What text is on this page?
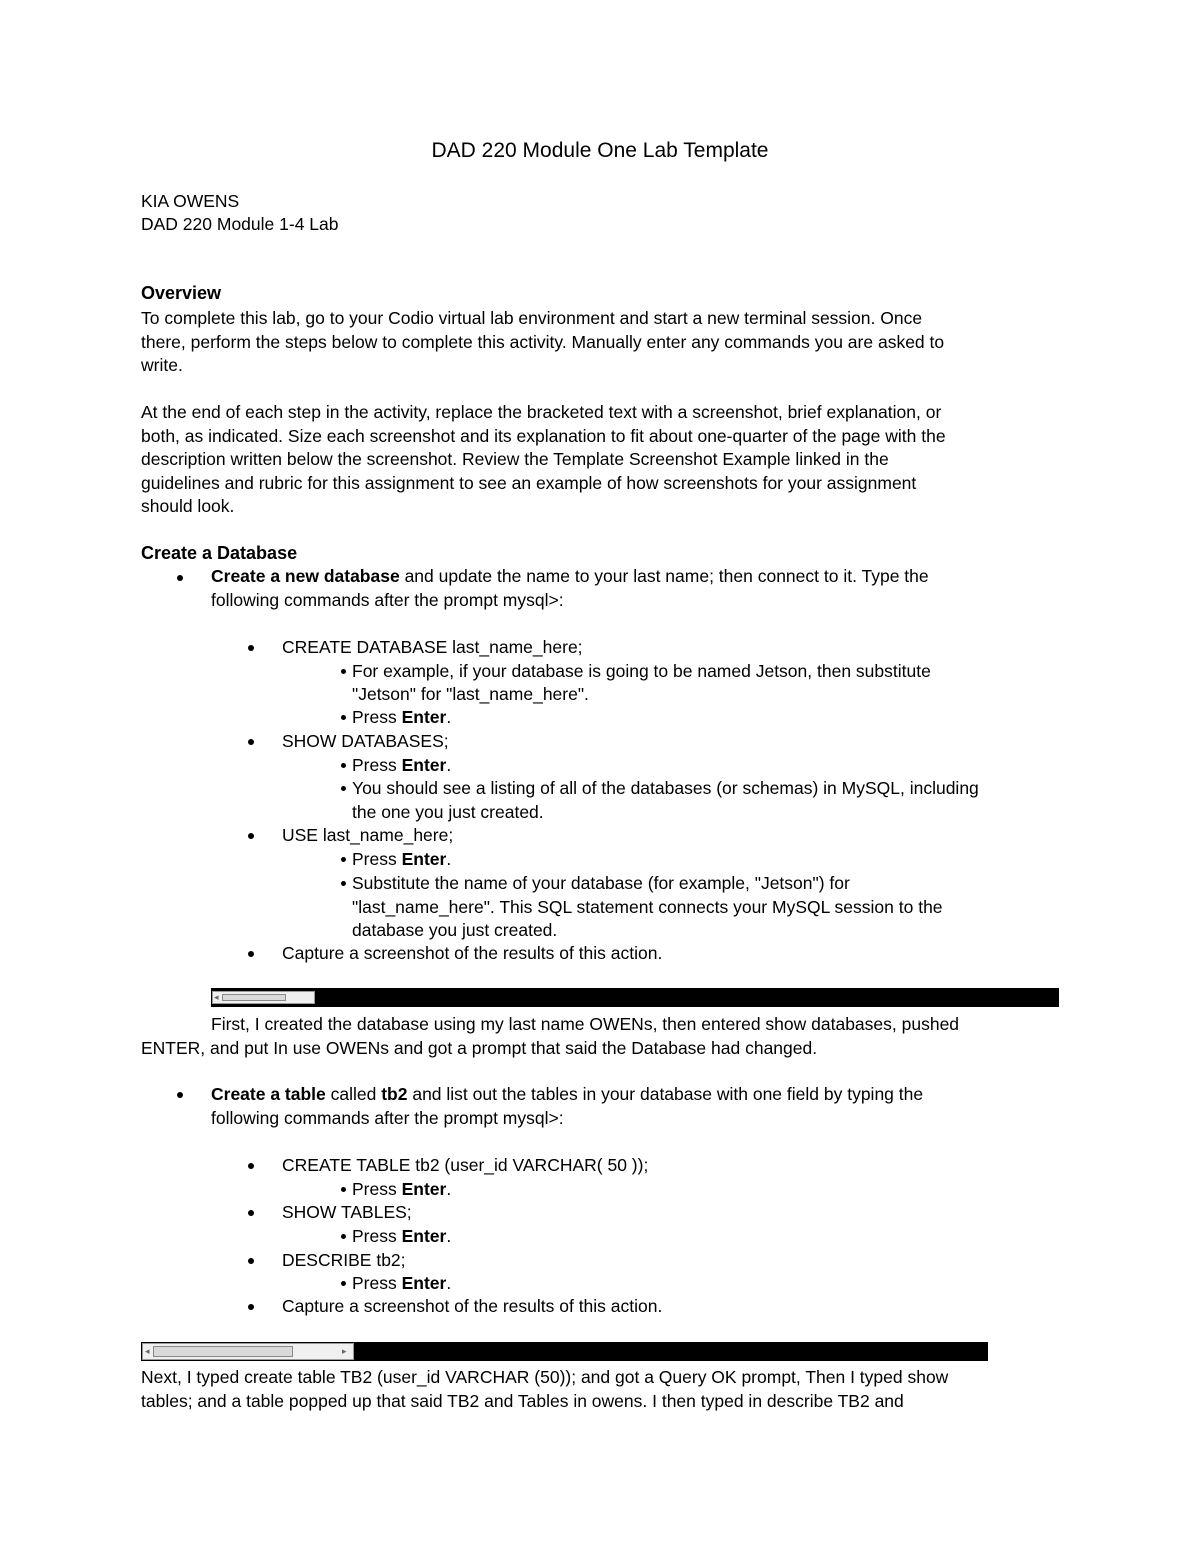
DAD 220 Module One Lab Template
KIA OWENS
DAD 220 Module 1-4 Lab
Overview
To complete this lab, go to your Codio virtual lab environment and start a new terminal session. Once
there, perform the steps below to complete this activity. Manually enter any commands you are asked to
write.
At the end of each step in the activity, replace the bracketed text with a screenshot, brief explanation, or
both, as indicated. Size each screenshot and its explanation to fit about one-quarter of the page with the
description written below the screenshot. Review the Template Screenshot Example linked in the
guidelines and rubric for this assignment to see an example of how screenshots for your assignment
should look.
Create a Database
Create a new database and update the name to your last name; then connect to it. Type the
following commands after the prompt mysql>:
CREATE DATABASE last_name_here;
For example, if your database is going to be named Jetson, then substitute
"Jetson" for "last_name_here".
Press Enter.
SHOW DATABASES;
Press Enter.
You should see a listing of all of the databases (or schemas) in MySQL, including
the one you just created.
USE last_name_here;
Press Enter.
Substitute the name of your database (for example, "Jetson") for
"last_name_here". This SQL statement connects your MySQL session to the
database you just created.
Capture a screenshot of the results of this action.
◂
First, I created the database using my last name OWENs, then entered show databases, pushed
ENTER, and put In use OWENs and got a prompt that said the Database had changed.
Create a table called tb2 and list out the tables in your database with one field by typing the
following commands after the prompt mysql>:
CREATE TABLE tb2 (user_id VARCHAR( 50 ));
Press Enter.
SHOW TABLES;
Press Enter.
DESCRIBE tb2;
Press Enter.
Capture a screenshot of the results of this action.
◂	▸
Next, I typed create table TB2 (user_id VARCHAR (50)); and got a Query OK prompt, Then I typed show
tables; and a table popped up that said TB2 and Tables in owens. I then typed in describe TB2 and
